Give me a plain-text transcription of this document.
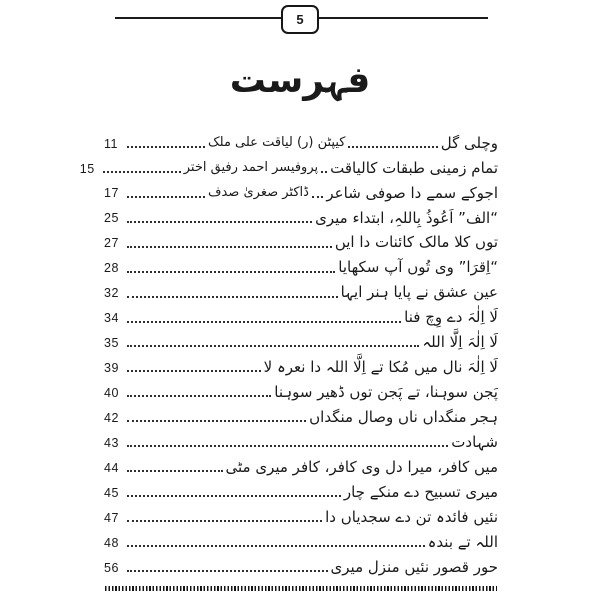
5
فہرست
وچلی گل
کیپٹن (ر) لیاقت علی ملک
11
تمام زمینی طبقات کالیاقت
پروفیسر احمد رفیق اختر
15
اجوکے سمے دا صوفی شاعر
ڈاکٹر صغریٰ صدف
17
“الف” اَعُوذُ بِاللہِ، ابتداء میری
25
توں کلا مالک کائنات دا ایں
27
“اِقرَا” وی تُوں آپ سکھایا
28
عین عشق نے پایا ہنر ایہا
32
لَا اِلٰہَ دے وِچ فنا
34
لَا اِلٰہَ اِلَّا اللہ
35
لَا اِلٰہَ نال میں مُکا تے اِلَّا اللہ دا نعرہ لا
39
پَجن سوہنا، تے پَجن توں ڈھیر سوہنا
40
ہجر منگداں ناں وصال منگداں
42
شہادت
43
میں کافر، میرا دل وی کافر، کافر میری مٹی
44
میری تسبیح دے منکے چار
45
نئیں فائدہ تن دے سجدیاں دا
47
اللہ تے بندہ
48
حور قصور نئیں منزل میری
56
